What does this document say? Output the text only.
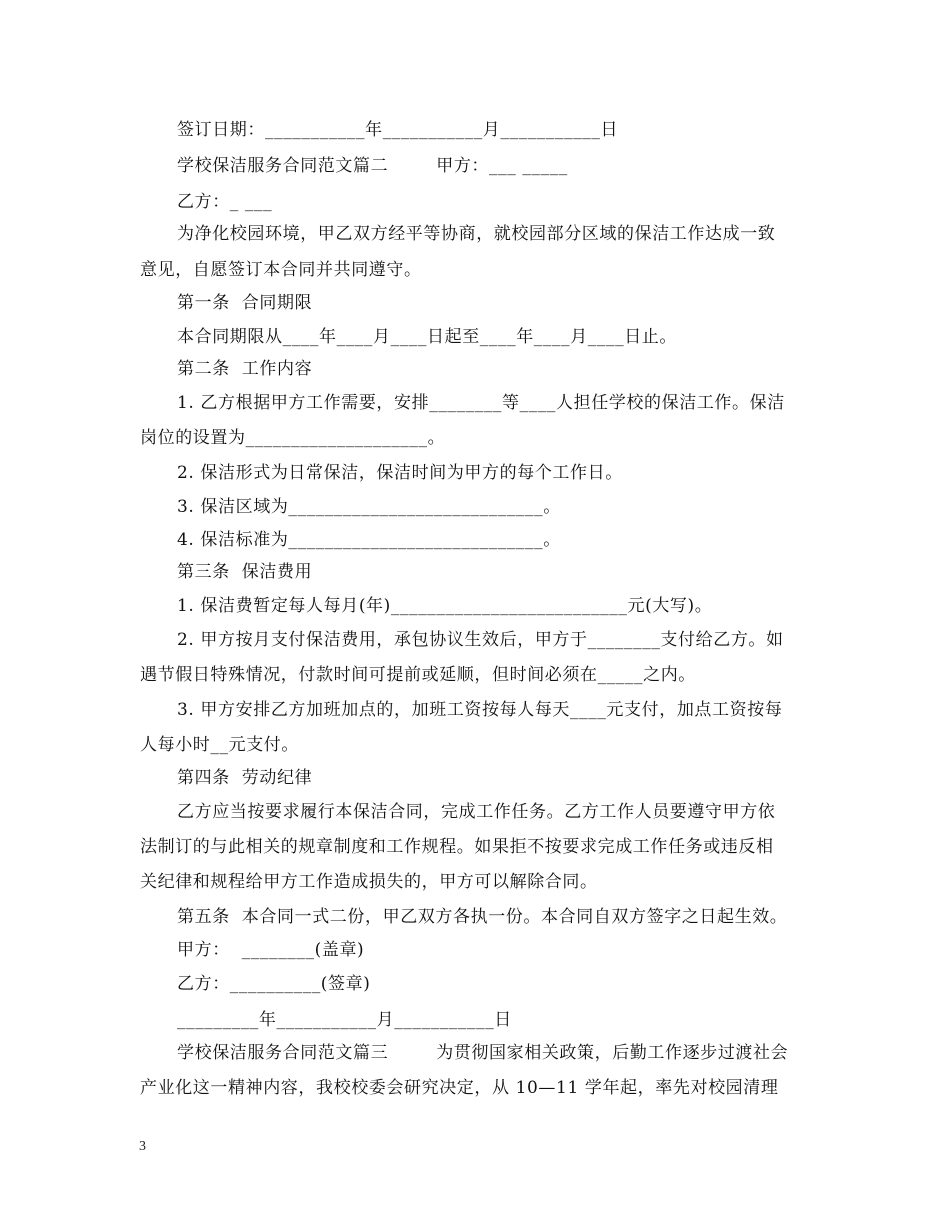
签订日期：___________年___________月___________日
学校保洁服务合同范文篇二        甲方：___ _____
乙方：_ ___
为净化校园环境，甲乙双方经平等协商，就校园部分区域的保洁工作达成一致
意见，自愿签订本合同并共同遵守。
第一条  合同期限
本合同期限从____年____月____日起至____年____月____日止。
第二条  工作内容
1. 乙方根据甲方工作需要，安排________等____人担任学校的保洁工作。保洁
岗位的设置为____________________。
2. 保洁形式为日常保洁，保洁时间为甲方的每个工作日。
3. 保洁区域为____________________________。
4. 保洁标准为____________________________。
第三条  保洁费用
1. 保洁费暂定每人每月(年)__________________________元(大写)。
2. 甲方按月支付保洁费用，承包协议生效后，甲方于________支付给乙方。如
遇节假日特殊情况，付款时间可提前或延顺，但时间必须在_____之内。
3. 甲方安排乙方加班加点的，加班工资按每人每天____元支付，加点工资按每
人每小时__元支付。
第四条  劳动纪律
乙方应当按要求履行本保洁合同，完成工作任务。乙方工作人员要遵守甲方依
法制订的与此相关的规章制度和工作规程。如果拒不按要求完成工作任务或违反相
关纪律和规程给甲方工作造成损失的，甲方可以解除合同。
第五条  本合同一式二份，甲乙双方各执一份。本合同自双方签字之日起生效。
甲方：  ________(盖章)
乙方：__________(签章)
_________年___________月___________日
学校保洁服务合同范文篇三        为贯彻国家相关政策，后勤工作逐步过渡社会
产业化这一精神内容，我校校委会研究决定，从 10—11 学年起，率先对校园清理
3
